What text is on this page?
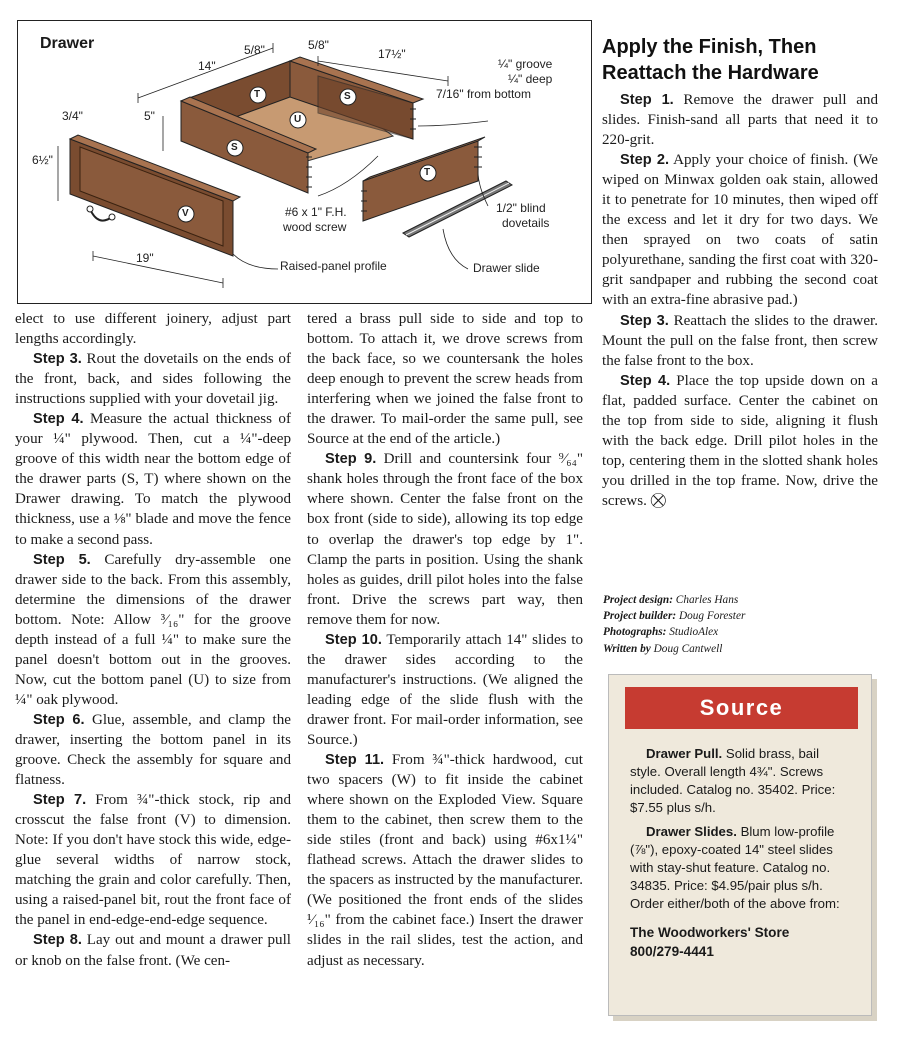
Drawer
14"
5/8"	5/8"
17½"
¼" groove
¼" deep
7/16" from bottom
3/4"	5"
6½"
#6 x 1" F.H.
wood screw
1/2" blind
dovetails
19"
Raised-panel profile	Drawer slide
T	S
U
S
T
V

elect to use different joinery, adjust part lengths accordingly.

Step 3. Rout the dovetails on the ends of the front, back, and sides following the instructions supplied with your dovetail jig.

Step 4. Measure the actual thickness of your ¼" plywood. Then, cut a ¼"-deep groove of this width near the bottom edge of the drawer parts (S, T) where shown on the Drawer drawing. To match the plywood thickness, use a ⅛" blade and move the fence to make a second pass.

Step 5. Carefully dry-assemble one drawer side to the back. From this assembly, determine the dimensions of the drawer bottom. Note: Allow ³⁄₁₆" for the groove depth instead of a full ¼" to make sure the panel doesn't bottom out in the grooves. Now, cut the bottom panel (U) to size from ¼" oak plywood.

Step 6. Glue, assemble, and clamp the drawer, inserting the bottom panel in its groove. Check the assembly for square and flatness.

Step 7. From ¾"-thick stock, rip and crosscut the false front (V) to dimension. Note: If you don't have stock this wide, edge-glue several widths of narrow stock, matching the grain and color carefully. Then, using a raised-panel bit, rout the front face of the panel in end-edge-end-edge sequence.

Step 8. Lay out and mount a drawer pull or knob on the false front. (We cen-

tered a brass pull side to side and top to bottom. To attach it, we drove screws from the back face, so we countersank the holes deep enough to prevent the screw heads from interfering when we joined the false front to the drawer. To mail-order the same pull, see Source at the end of the article.)

Step 9. Drill and countersink four ⁹⁄₆₄" shank holes through the front face of the box where shown. Center the false front on the box front (side to side), allowing its top edge to overlap the drawer's top edge by 1". Clamp the parts in position. Using the shank holes as guides, drill pilot holes into the false front. Drive the screws part way, then remove them for now.

Step 10. Temporarily attach 14" slides to the drawer sides according to the manufacturer's instructions. (We aligned the leading edge of the slide flush with the drawer front. For mail-order information, see Source.)

Step 11. From ¾"-thick hardwood, cut two spacers (W) to fit inside the cabinet where shown on the Exploded View. Square them to the cabinet, then screw them to the side stiles (front and back) using #6x1¼" flathead screws. Attach the drawer slides to the spacers as instructed by the manufacturer. (We positioned the front ends of the slides ¹⁄₁₆" from the cabinet face.) Insert the drawer slides in the rail slides, test the action, and adjust as necessary.

Apply the Finish, Then Reattach the Hardware

Step 1. Remove the drawer pull and slides. Finish-sand all parts that need it to 220-grit.

Step 2. Apply your choice of finish. (We wiped on Minwax golden oak stain, allowed it to penetrate for 10 minutes, then wiped off the excess and let it dry for two days. We then sprayed on two coats of satin polyurethane, sanding the first coat with 320-grit sandpaper and rubbing the second coat with an extra-fine abrasive pad.)

Step 3. Reattach the slides to the drawer. Mount the pull on the false front, then screw the false front to the box.

Step 4. Place the top upside down on a flat, padded surface. Center the cabinet on the top from side to side, aligning it flush with the back edge. Drill pilot holes in the top, centering them in the slotted shank holes you drilled in the top frame. Now, drive the screws. ⛒

Project design: Charles Hans
Project builder: Doug Forester
Photographs: StudioAlex
Written by Doug Cantwell
Source

Drawer Pull. Solid brass, bail style. Overall length 4¾". Screws included. Catalog no. 35402. Price: $7.55 plus s/h.

Drawer Slides. Blum low-profile (⅞"), epoxy-coated 14" steel slides with stay-shut feature. Catalog no. 34835. Price: $4.95/pair plus s/h. Order either/both of the above from:

The Woodworkers' Store
800/279-4441
